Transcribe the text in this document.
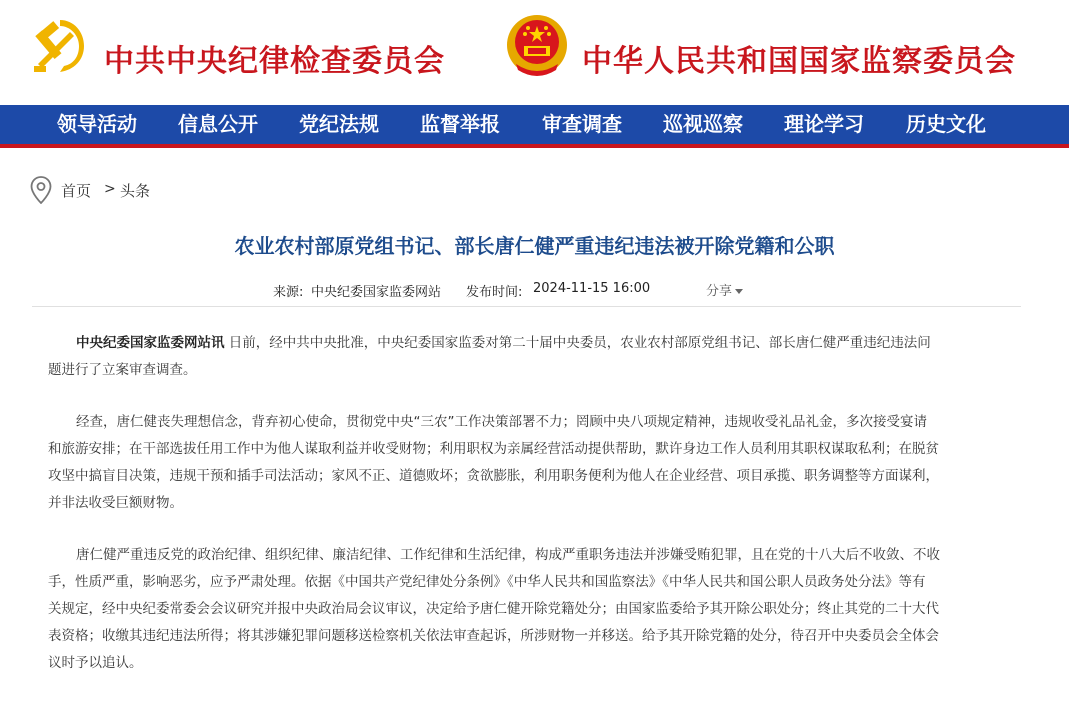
中共中央纪律检查委员会	中华人民共和国国家监察委员会
领导活动 信息公开 党纪法规 监督举报 审查调查 巡视巡察 理论学习 历史文化
首页 > 头条
农业农村部原党组书记、部长唐仁健严重违纪违法被开除党籍和公职
来源: 中央纪委国家监委网站 发布时间: 2024-11-15 16:00	分享

中央纪委国家监委网站讯 日前，经中共中央批准，中央纪委国家监委对第二十届中央委员，农业农村部原党组书记、部长唐仁健严重违纪违法问
题进行了立案审查调查。

经查，唐仁健丧失理想信念，背弃初心使命，贯彻党中央“三农”工作决策部署不力；罔顾中央八项规定精神，违规收受礼品礼金，多次接受宴请
和旅游安排；在干部选拔任用工作中为他人谋取利益并收受财物；利用职权为亲属经营活动提供帮助，默许身边工作人员利用其职权谋取私利；在脱贫
攻坚中搞盲目决策，违规干预和插手司法活动；家风不正、道德败坏；贪欲膨胀，利用职务便利为他人在企业经营、项目承揽、职务调整等方面谋利，
并非法收受巨额财物。

唐仁健严重违反党的政治纪律、组织纪律、廉洁纪律、工作纪律和生活纪律，构成严重职务违法并涉嫌受贿犯罪，且在党的十八大后不收敛、不收
手，性质严重，影响恶劣，应予严肃处理。依据《中国共产党纪律处分条例》《中华人民共和国监察法》《中华人民共和国公职人员政务处分法》等有
关规定，经中央纪委常委会会议研究并报中央政治局会议审议，决定给予唐仁健开除党籍处分；由国家监委给予其开除公职处分；终止其党的二十大代
表资格；收缴其违纪违法所得；将其涉嫌犯罪问题移送检察机关依法审查起诉，所涉财物一并移送。给予其开除党籍的处分，待召开中央委员会全体会
议时予以追认。
